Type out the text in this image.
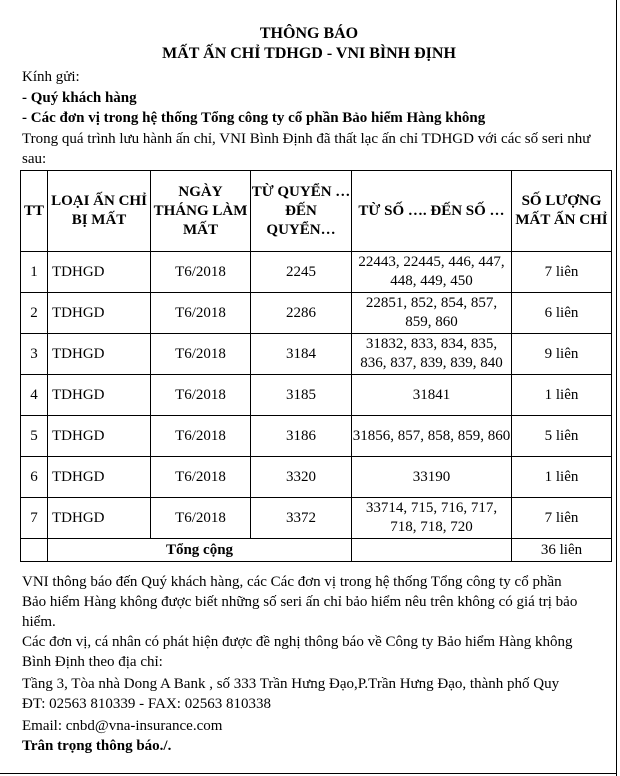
THÔNG BÁO
MẤT ẤN CHỈ TDHGD - VNI BÌNH ĐỊNH
Kính gửi:
- Quý khách hàng
- Các đơn vị trong hệ thống Tổng công ty cổ phần Bảo hiểm Hàng không
Trong quá trình lưu hành ấn chỉ, VNI Bình Định đã thất lạc ấn chỉ TDHGD với các số seri như
sau:
TT	LOẠI ẤN CHỈ BỊ MẤT	NGÀY THÁNG LÀM MẤT	TỪ QUYỂN … ĐẾN QUYỂN…	TỪ SỐ …. ĐẾN SỐ …	SỐ LƯỢNG MẤT ẤN CHỈ
1	TDHGD	T6/2018	2245	22443, 22445, 446, 447, 448, 449, 450	7 liên
2	TDHGD	T6/2018	2286	22851, 852, 854, 857, 859, 860	6 liên
3	TDHGD	T6/2018	3184	31832, 833, 834, 835, 836, 837, 839, 839, 840	9 liên
4	TDHGD	T6/2018	3185	31841	1 liên
5	TDHGD	T6/2018	3186	31856, 857, 858, 859, 860	5 liên
6	TDHGD	T6/2018	3320	33190	1 liên
7	TDHGD	T6/2018	3372	33714, 715, 716, 717, 718, 718, 720	7 liên
	Tổng cộng				36 liên
VNI thông báo đến Quý khách hàng, các Các đơn vị trong hệ thống Tổng công ty cổ phần
Bảo hiểm Hàng không được biết những số seri ấn chỉ bảo hiểm nêu trên không có giá trị bảo
hiểm.
Các đơn vị, cá nhân có phát hiện được đề nghị thông báo về Công ty Bảo hiểm Hàng không
Bình Định theo địa chỉ:
Tầng 3, Tòa nhà Dong A Bank , số 333 Trần Hưng Đạo,P.Trần Hưng Đạo, thành phố Quy
ĐT: 02563 810339 - FAX: 02563 810338
Email: cnbd@vna-insurance.com
Trân trọng thông báo./.
